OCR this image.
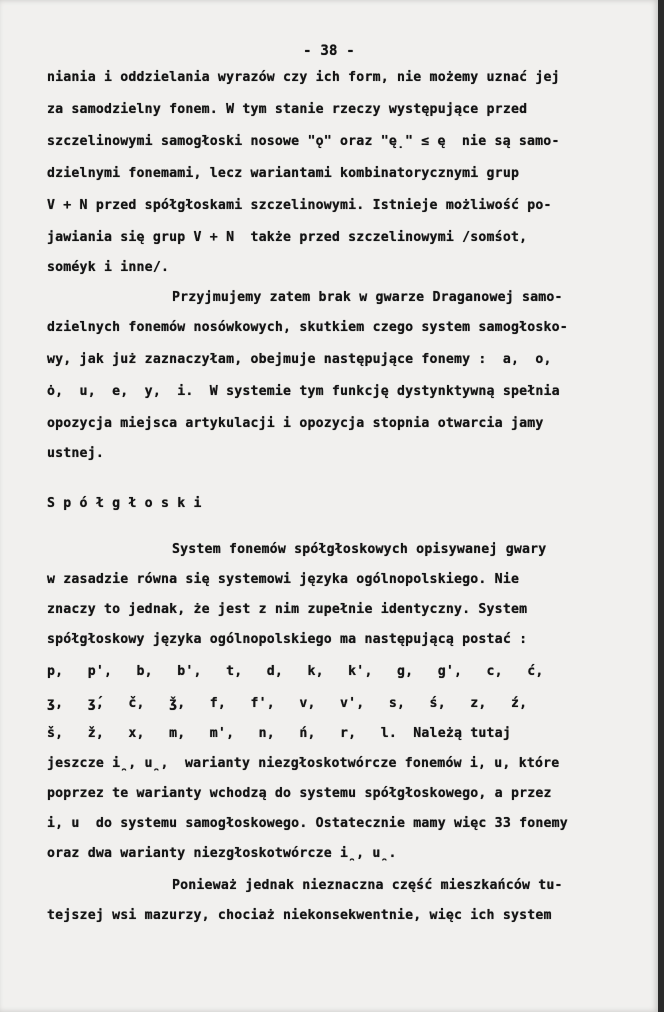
- 38 -
niania i oddzielania wyrazów czy ich form, nie możemy uznać jej
za samodzielny fonem. W tym stanie rzeczy występujące przed
szczelinowymi samogłoski nosowe "ǫ" oraz "ę̣" ≤ ę  nie są samo-
dzielnymi fonemami, lecz wariantami kombinatorycznymi grup
V + N przed spółgłoskami szczelinowymi. Istnieje możliwość po-
jawiania się grup V + N  także przed szczelinowymi /somśot,
soméyk i inne/.
Przyjmujemy zatem brak w gwarze Draganowej samo-
dzielnych fonemów nosówkowych, skutkiem czego system samogłosko-
wy, jak już zaznaczyłam, obejmuje następujące fonemy :  a,  o,
ȯ,  u,  e,  y,  i.  W systemie tym funkcję dystynktywną spełnia
opozycja miejsca artykulacji i opozycja stopnia otwarcia jamy
ustnej.
S p ó ł g ł o s k i
System fonemów spółgłoskowych opisywanej gwary
w zasadzie równa się systemowi języka ogólnopolskiego. Nie
znaczy to jednak, że jest z nim zupełnie identyczny. System
spółgłoskowy języka ogólnopolskiego ma następującą postać :
p,   p',   b,   b',   t,   d,   k,   k',   g,   g',   c,   ć,
ʒ,   ʒ́,   č,   ǯ,   f,   f',   v,   v',   s,   ś,   z,   ź,
š,   ž,   x,   m,   m',   n,   ń,   r,   l.  Należą tutaj
jeszcze i̯, u̯,  warianty niezgłoskotwórcze fonemów i, u, które
poprzez te warianty wchodzą do systemu spółgłoskowego, a przez
i, u  do systemu samogłoskowego. Ostatecznie mamy więc 33 fonemy
oraz dwa warianty niezgłoskotwórcze i̯, u̯.
Ponieważ jednak nieznaczna część mieszkańców tu-
tejszej wsi mazurzy, chociaż niekonsekwentnie, więc ich system
